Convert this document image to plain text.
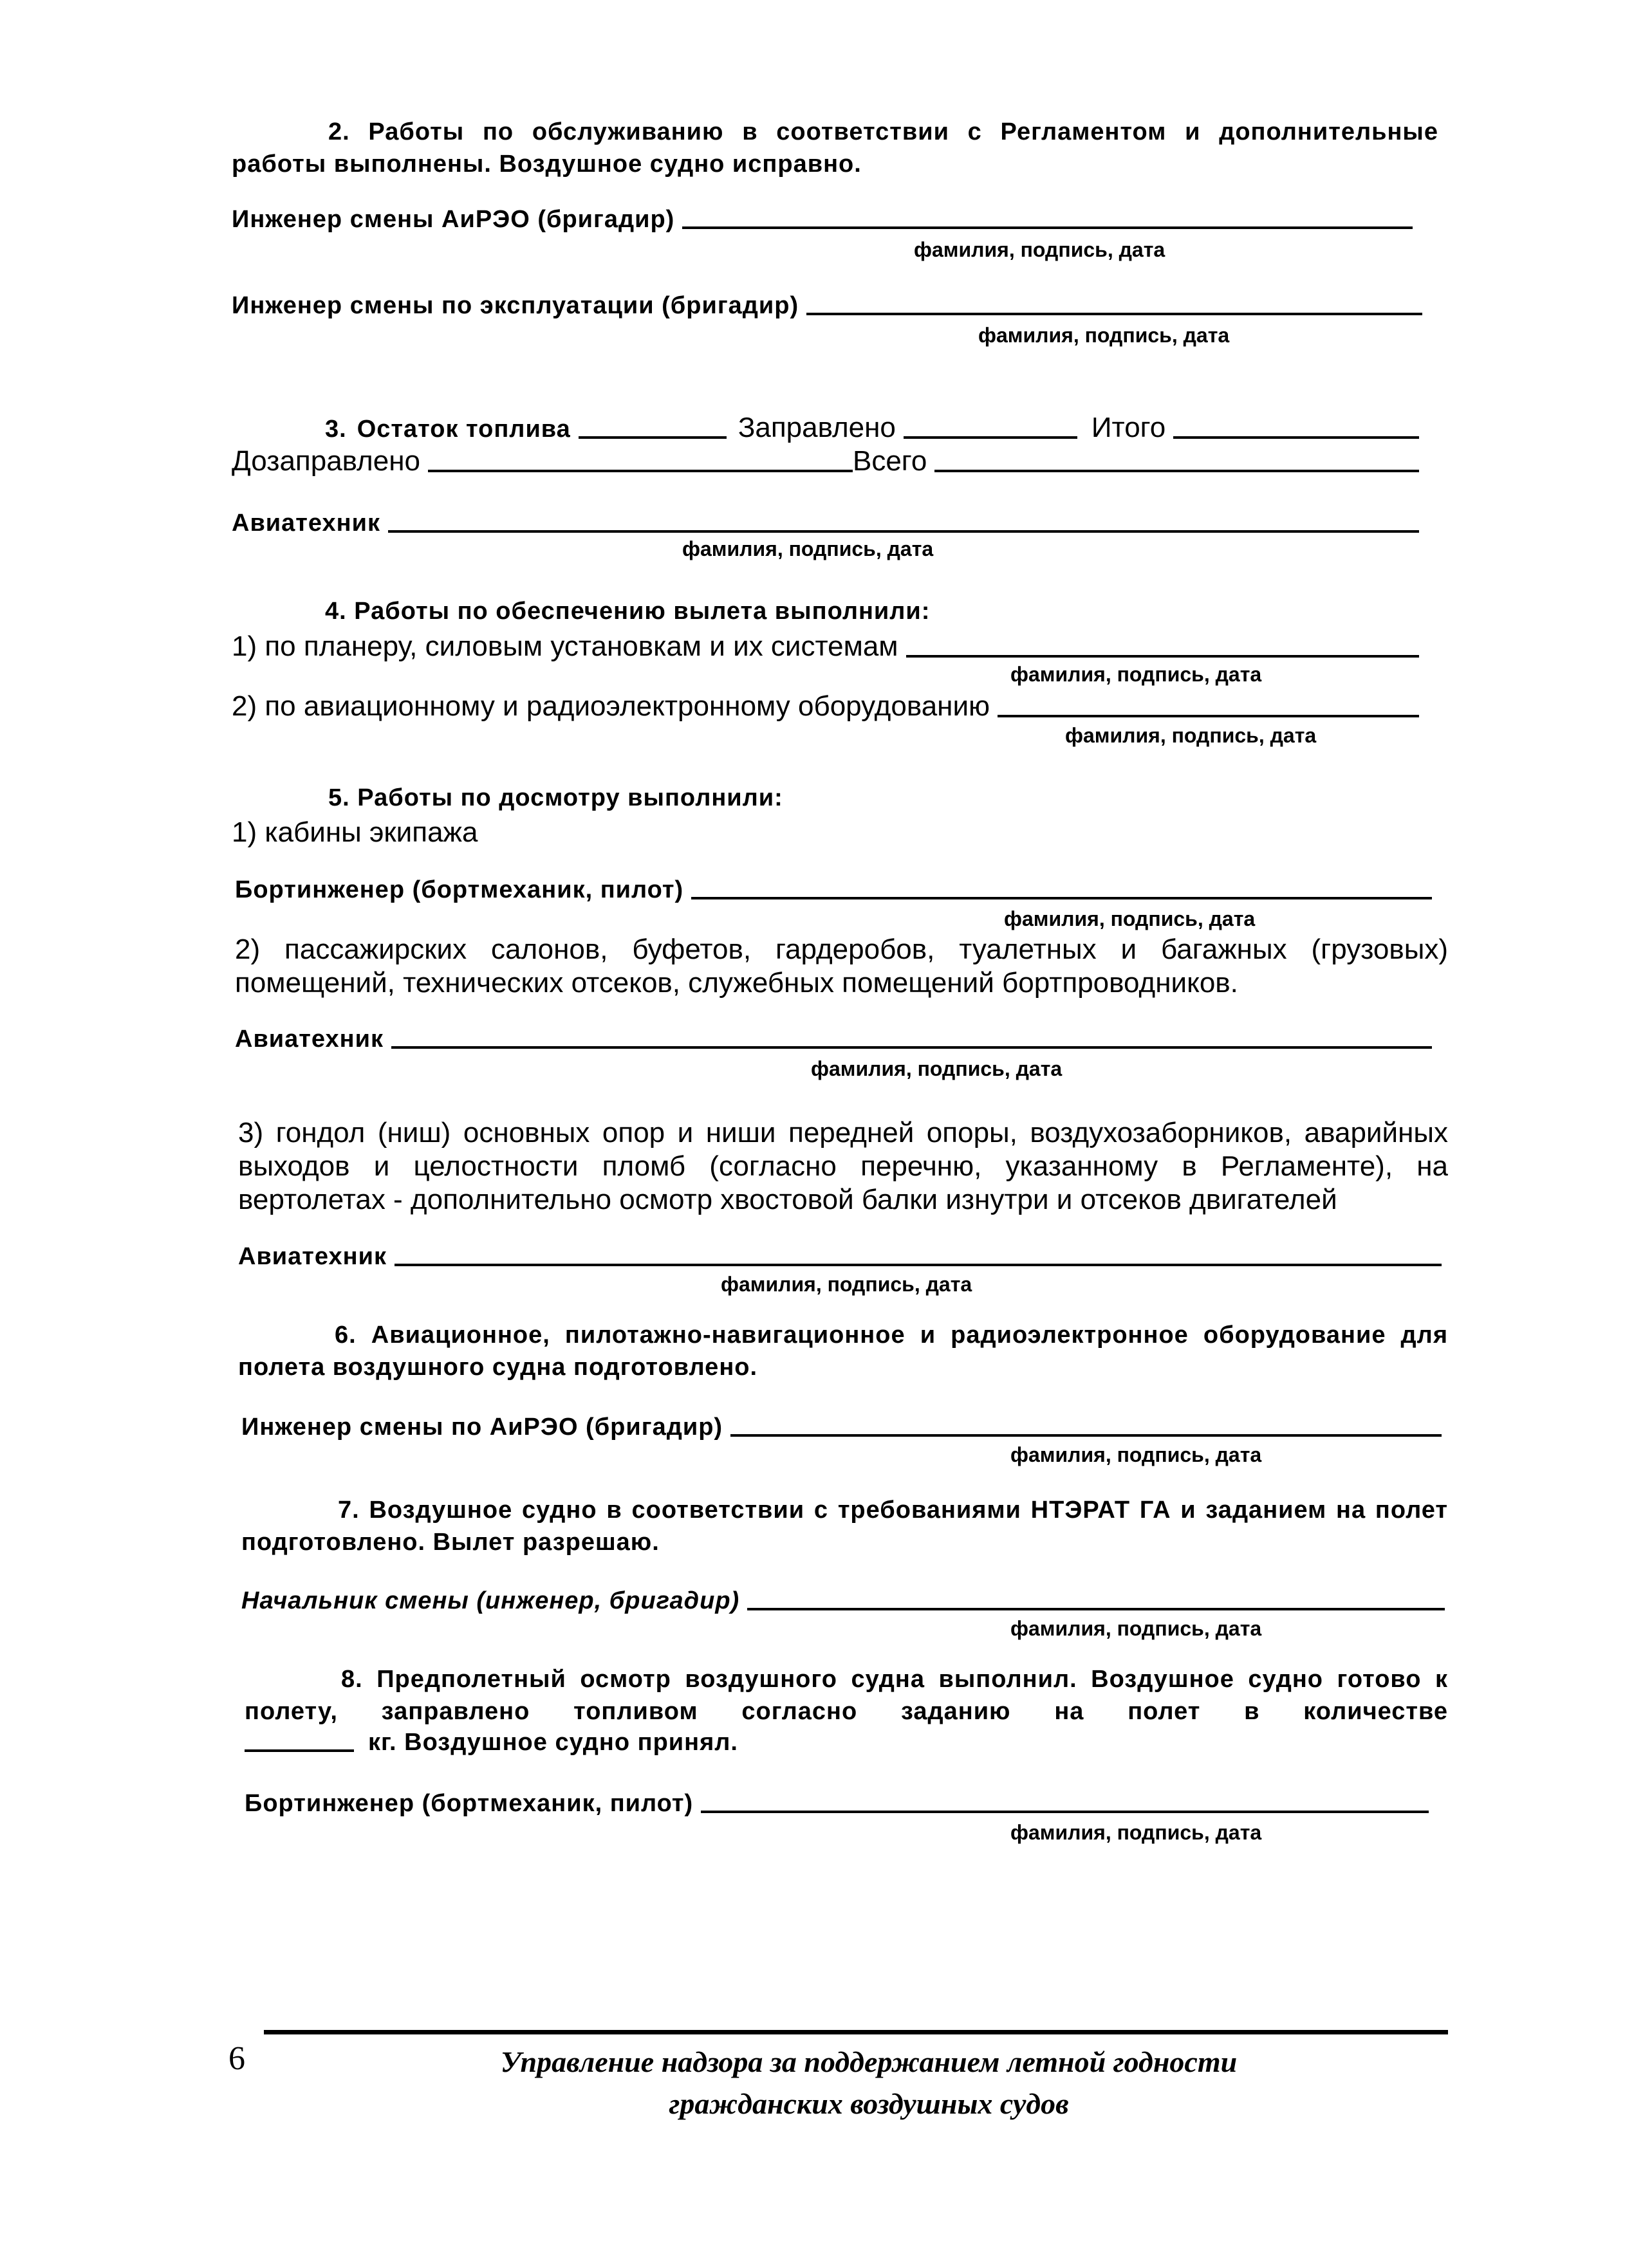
2. Работы по обслуживанию в соответствии с Регламентом и дополнительные работы выполнены. Воздушное судно исправно.

Инженер смены АиРЭО (бригадир)
фамилия, подпись, дата
Инженер смены по эксплуатации (бригадир)
фамилия, подпись, дата
3. Остаток топлива	Заправлено	Итого
Дозаправлено	Всего
Авиатехник
фамилия, подпись, дата

4. Работы по обеспечению вылета выполнили:

1) по планеру, силовым установкам и их системам
фамилия, подпись, дата
2) по авиационному и радиоэлектронному оборудованию
фамилия, подпись, дата

5. Работы по досмотру выполнили:

1) кабины экипажа

Бортинженер (бортмеханик, пилот)
фамилия, подпись, дата

2) пассажирских салонов, буфетов, гардеробов, туалетных и багажных (грузовых) помещений, технических отсеков, служебных помещений бортпроводников.

Авиатехник
фамилия, подпись, дата

3) гондол (ниш) основных опор и ниши передней опоры, воздухозаборников, аварийных выходов и целостности пломб (согласно перечню, указанному в Регламенте), на вертолетах - дополнительно осмотр хвостовой балки изнутри и отсеков двигателей

Авиатехник
фамилия, подпись, дата

6. Авиационное, пилотажно-навигационное и радиоэлектронное оборудование для полета воздушного судна подготовлено.

Инженер смены по АиРЭО (бригадир)
фамилия, подпись, дата

7. Воздушное судно в соответствии с требованиями НТЭРАТ ГА и заданием на полет подготовлено. Вылет разрешаю.

Начальник смены (инженер, бригадир)
фамилия, подпись, дата

8. Предполетный осмотр воздушного судна выполнил. Воздушное судно готово к полету, заправлено топливом согласно заданию на полет в количестве

кг. Воздушное судно принял.
Бортинженер (бортмеханик, пилот)
фамилия, подпись, дата
6	Управление надзора за поддержанием летной годности
гражданских воздушных судов
